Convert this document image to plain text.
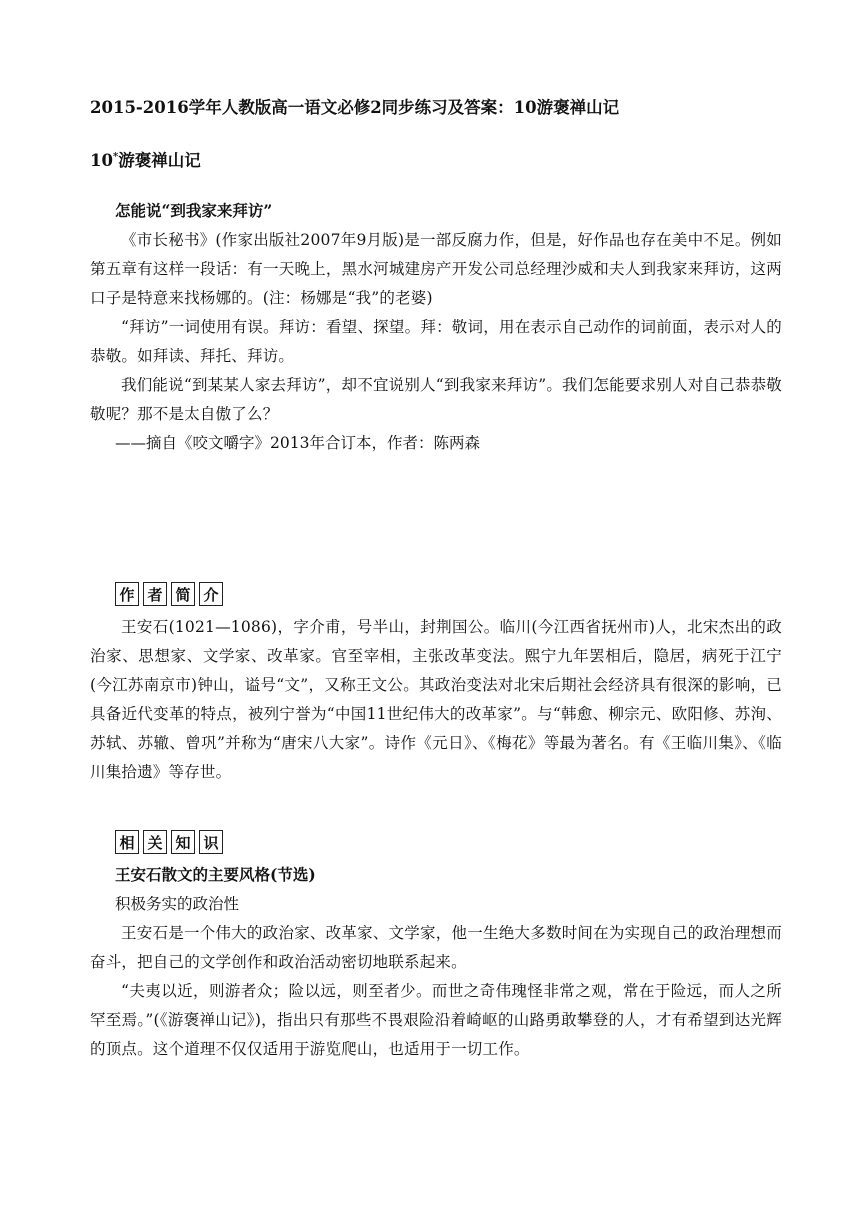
2015-2016学年人教版高一语文必修2同步练习及答案：10游褒禅山记
10*游褒禅山记
怎能说“到我家来拜访”

《市长秘书》(作家出版社2007年9月版)是一部反腐力作，但是，好作品也存在美中不足。例如第五章有这样一段话：有一天晚上，黑水河城建房产开发公司总经理沙威和夫人到我家来拜访，这两口子是特意来找杨娜的。(注：杨娜是“我”的老婆)

“拜访”一词使用有误。拜访：看望、探望。拜：敬词，用在表示自己动作的词前面，表示对人的恭敬。如拜读、拜托、拜访。

我们能说“到某某人家去拜访”，却不宜说别人“到我家来拜访”。我们怎能要求别人对自己恭恭敬敬呢？那不是太自傲了么？

——摘自《咬文嚼字》2013年合订本，作者：陈两森
作 者 简 介

王安石(1021—1086)，字介甫，号半山，封荆国公。临川(今江西省抚州市)人，北宋杰出的政治家、思想家、文学家、改革家。官至宰相，主张改革变法。熙宁九年罢相后，隐居，病死于江宁(今江苏南京市)钟山，谥号“文”，又称王文公。其政治变法对北宋后期社会经济具有很深的影响，已具备近代变革的特点，被列宁誉为“中国11世纪伟大的改革家”。与“韩愈、柳宗元、欧阳修、苏洵、苏轼、苏辙、曾巩”并称为“唐宋八大家”。诗作《元日》、《梅花》等最为著名。有《王临川集》、《临川集拾遗》等存世。

相 关 知 识
王安石散文的主要风格(节选)
积极务实的政治性

王安石是一个伟大的政治家、改革家、文学家，他一生绝大多数时间在为实现自己的政治理想而奋斗，把自己的文学创作和政治活动密切地联系起来。

“夫夷以近，则游者众；险以远，则至者少。而世之奇伟瑰怪非常之观，常在于险远，而人之所罕至焉。”(《游褒禅山记》)，指出只有那些不畏艰险沿着崎岖的山路勇敢攀登的人，才有希望到达光辉的顶点。这个道理不仅仅适用于游览爬山，也适用于一切工作。
